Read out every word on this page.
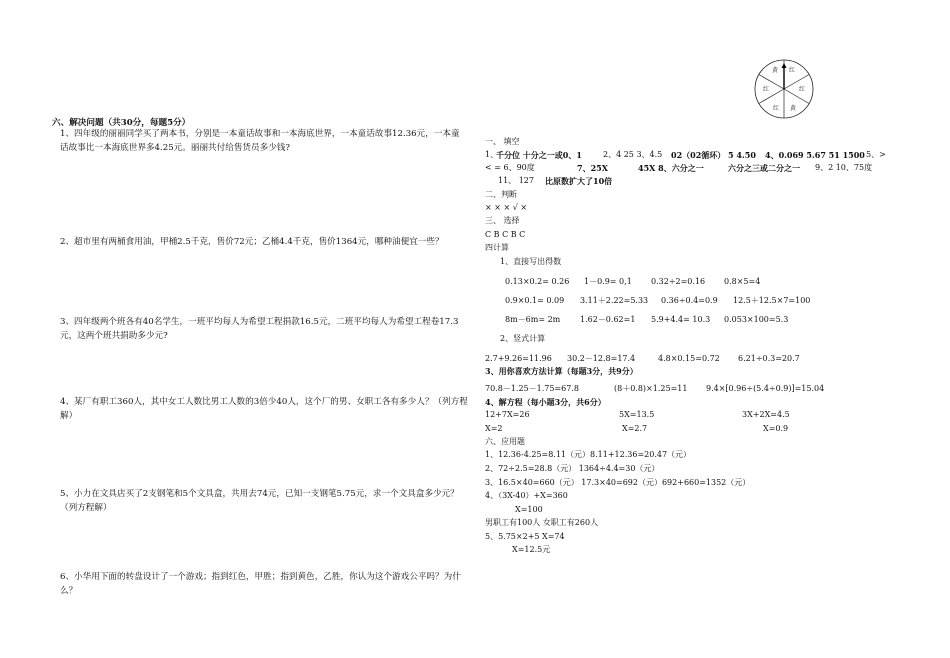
红
红
黄
红
红
黄
六、解决问题（共30分，每题5分）
1、四年级的丽丽同学买了两本书，分别是一本童话故事和一本海底世界，一本童话故事12.36元，一本童话故事比一本海底世界多4.25元。丽丽共付给售货员多少钱?
2、超市里有两桶食用油，甲桶2.5千克，售价72元；乙桶4.4千克，售价1364元，哪种油便宜一些？
3、四年级两个班各有40名学生，一班平均每人为希望工程捐款16.5元，二班平均每人为希望工程卷17.3元，这两个班共捐助多少元?
4、某厂有职工360人，其中女工人数比男工人数的3倍少40人，这个厂的男、女职工各有多少人？（列方程解）
5、小力在文具店买了2支钢笔和5个文具盒，共用去74元，已知一支钢笔5.75元，求一个文具盒多少元？（列方程解）
6、小华用下面的转盘设计了一个游戏；指到红色，甲胜；指到黄色，乙胜，你认为这个游戏公平吗？为什么？
一、 填空
1、
千分位 十分之一或0、1	2、4 25 3、4.5 02（02循环） 5 4.50 4、0.069 5.67 51 1500 5、>
< = 6、90度	7、25X	45X 8、六分之一	六分之三或二分之一 9、2 10、75度
11、 127 比原数扩大了10倍
二、判断
× × × √ ×
三、 选择
C B C B C
四计算
1、直接写出得数
0.13×0.2= 0.26 1－0.9= 0,1 0.32÷2=0.16 0.8×5=4
0.9×0.1= 0.09 3.11＋2.22=5.33 0.36÷0.4=0.9 12.5＋12.5×7=100
8m－6m= 2m 1.62－0.62=1 5.9+4.4= 10.3 0.053×100=5.3
2、竖式计算
2.7+9.26=11.96 30.2－12.8=17.4	4.8×0.15=0.72 6.21÷0.3=20.7
3、用你喜欢方法计算（每题3分，共9分）
70.8－1.25－1.75=67.8	(8＋0.8)×1.25=11 9.4×[0.96÷(5.4÷0.9)]=15.04
4、解方程（每小题3分，共6分）
12+7X=26	5X=13.5	3X+2X=4.5
X=2	X=2.7	X=0.9
六、应用题
1、12.36-4.25=8.11（元）8.11+12.36=20.47（元）
2、72÷2.5=28.8（元） 1364÷4.4=30（元）
3、16.5×40=660（元） 17.3×40=692（元）692+660=1352（元）
4、（3X-40）+X=360
X=100
男职工有100人 女职工有260人
5、5.75×2+5 X=74
X=12.5元
